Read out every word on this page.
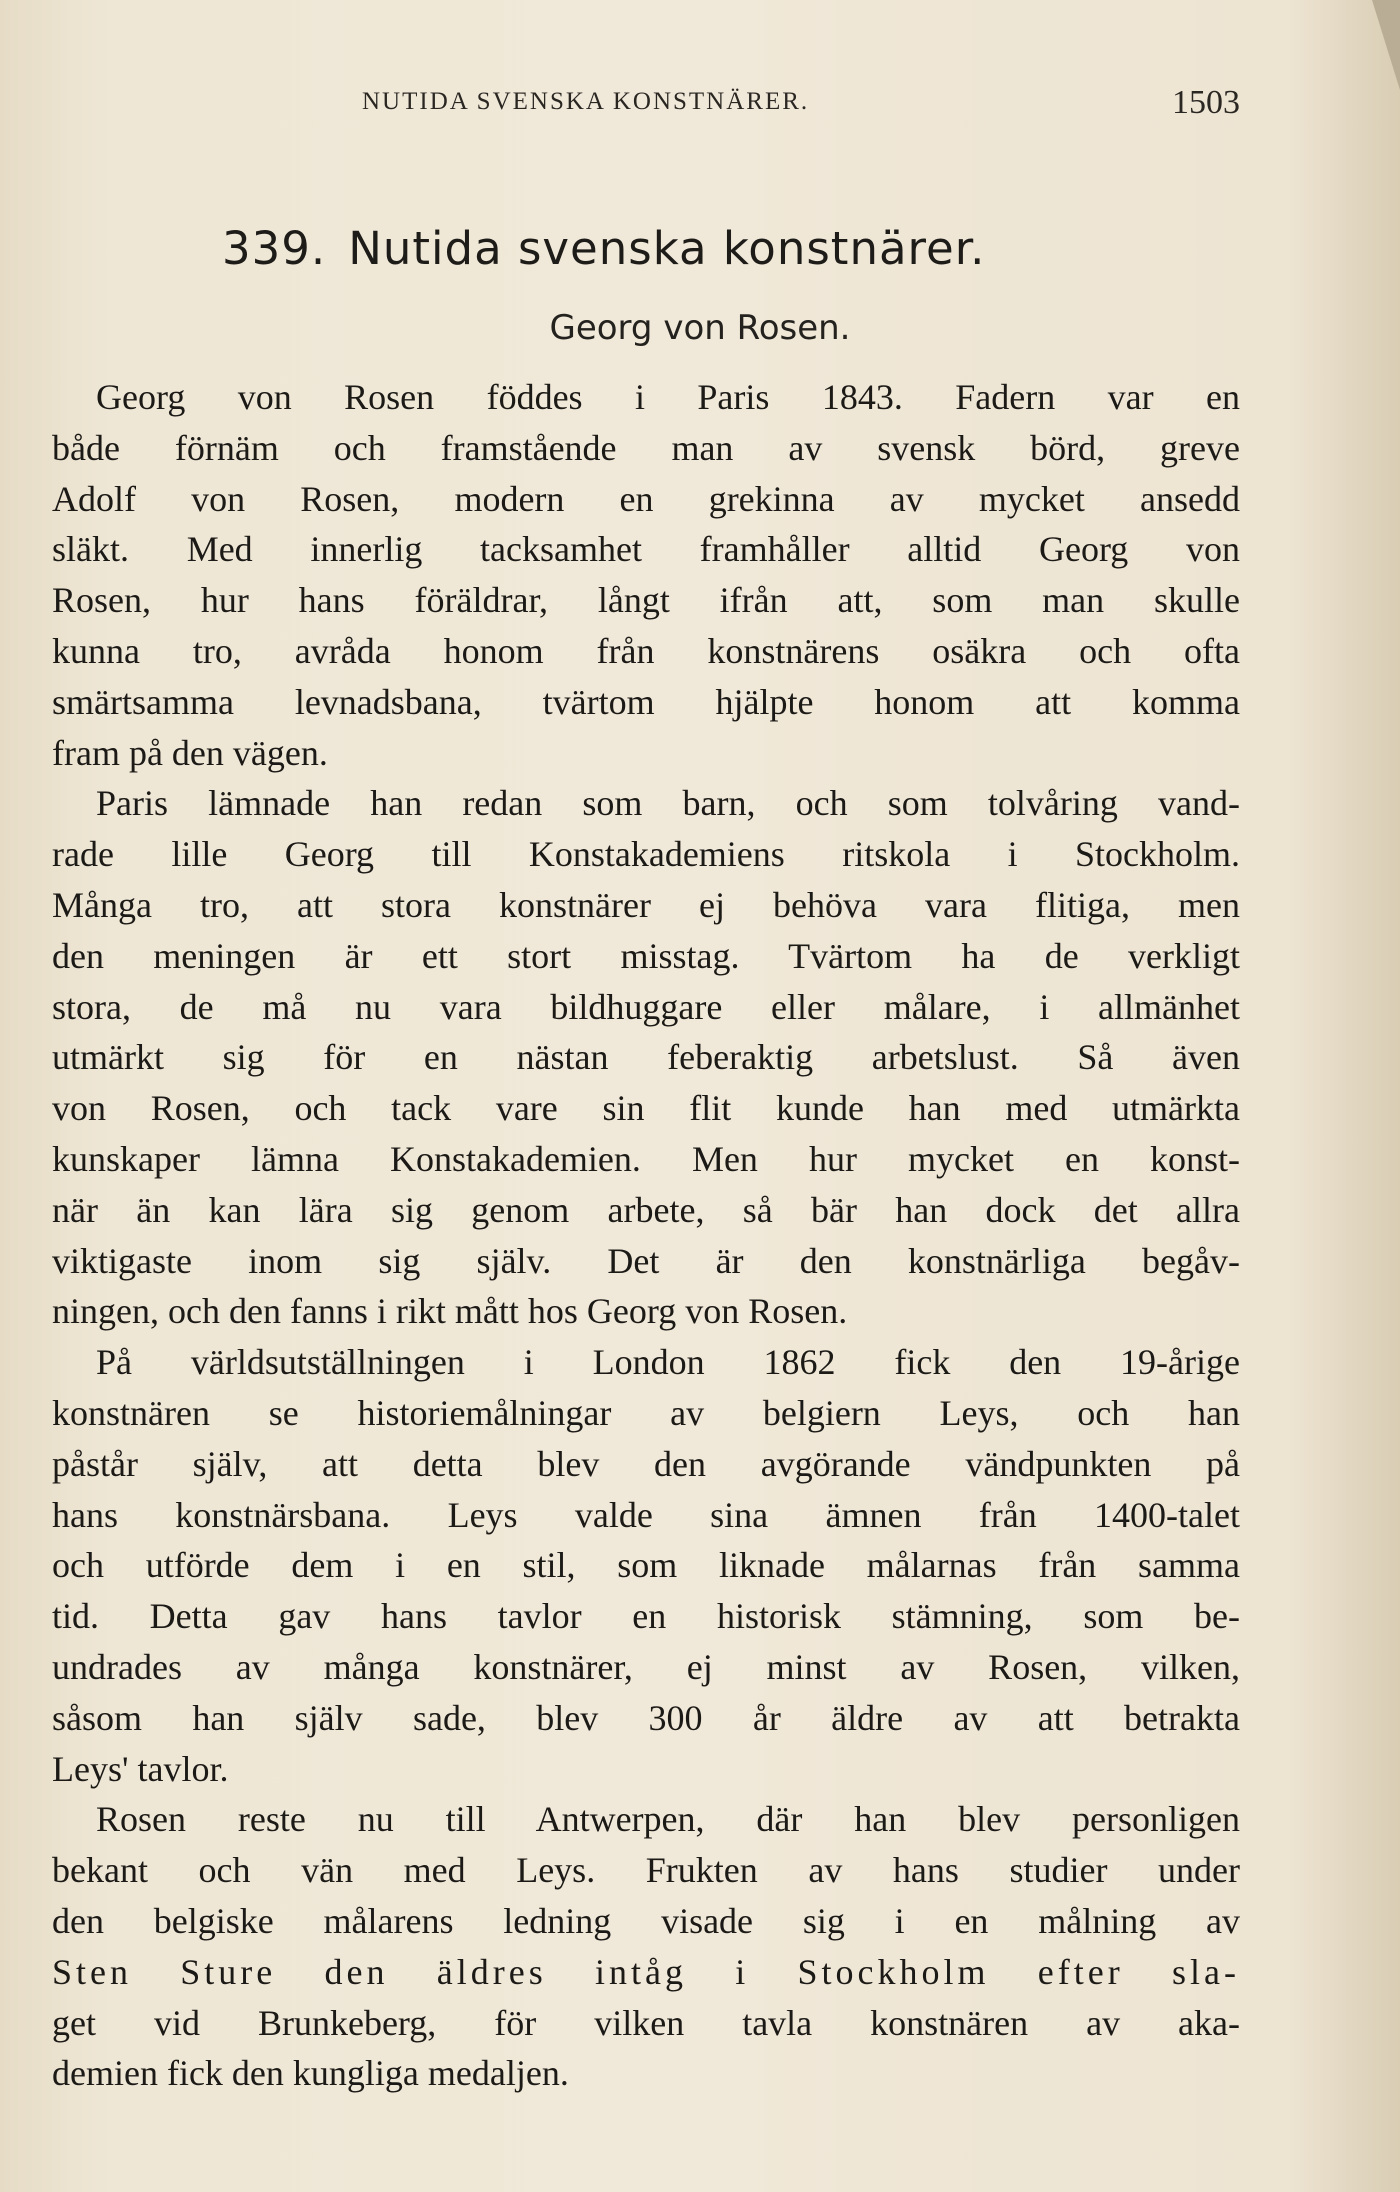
NUTIDA SVENSKA KONSTNÄRER.	1503
339. Nutida svenska konstnärer.
Georg von Rosen.

Georg von Rosen föddes i Paris 1843. Fadern var en
både förnäm och framstående man av svensk börd, greve
Adolf von Rosen, modern en grekinna av mycket ansedd
släkt. Med innerlig tacksamhet framhåller alltid Georg von
Rosen, hur hans föräldrar, långt ifrån att, som man skulle
kunna tro, avråda honom från konstnärens osäkra och ofta
smärtsamma levnadsbana, tvärtom hjälpte honom att komma
fram på den vägen.

Paris lämnade han redan som barn, och som tolvåring vand-
rade lille Georg till Konstakademiens ritskola i Stockholm.
Många tro, att stora konstnärer ej behöva vara flitiga, men
den meningen är ett stort misstag. Tvärtom ha de verkligt
stora, de må nu vara bildhuggare eller målare, i allmänhet
utmärkt sig för en nästan feberaktig arbetslust. Så även
von Rosen, och tack vare sin flit kunde han med utmärkta
kunskaper lämna Konstakademien. Men hur mycket en konst-
när än kan lära sig genom arbete, så bär han dock det allra
viktigaste inom sig själv. Det är den konstnärliga begåv-
ningen, och den fanns i rikt mått hos Georg von Rosen.

På världsutställningen i London 1862 fick den 19-årige
konstnären se historiemålningar av belgiern Leys, och han
påstår själv, att detta blev den avgörande vändpunkten på
hans konstnärsbana. Leys valde sina ämnen från 1400-talet
och utförde dem i en stil, som liknade målarnas från samma
tid. Detta gav hans tavlor en historisk stämning, som be-
undrades av många konstnärer, ej minst av Rosen, vilken,
såsom han själv sade, blev 300 år äldre av att betrakta
Leys' tavlor.

Rosen reste nu till Antwerpen, där han blev personligen
bekant och vän med Leys. Frukten av hans studier under
den belgiske målarens ledning visade sig i en målning av
Sten Sture den äldres intåg i Stockholm efter sla-
get vid Brunkeberg, för vilken tavla konstnären av aka-
demien fick den kungliga medaljen.
